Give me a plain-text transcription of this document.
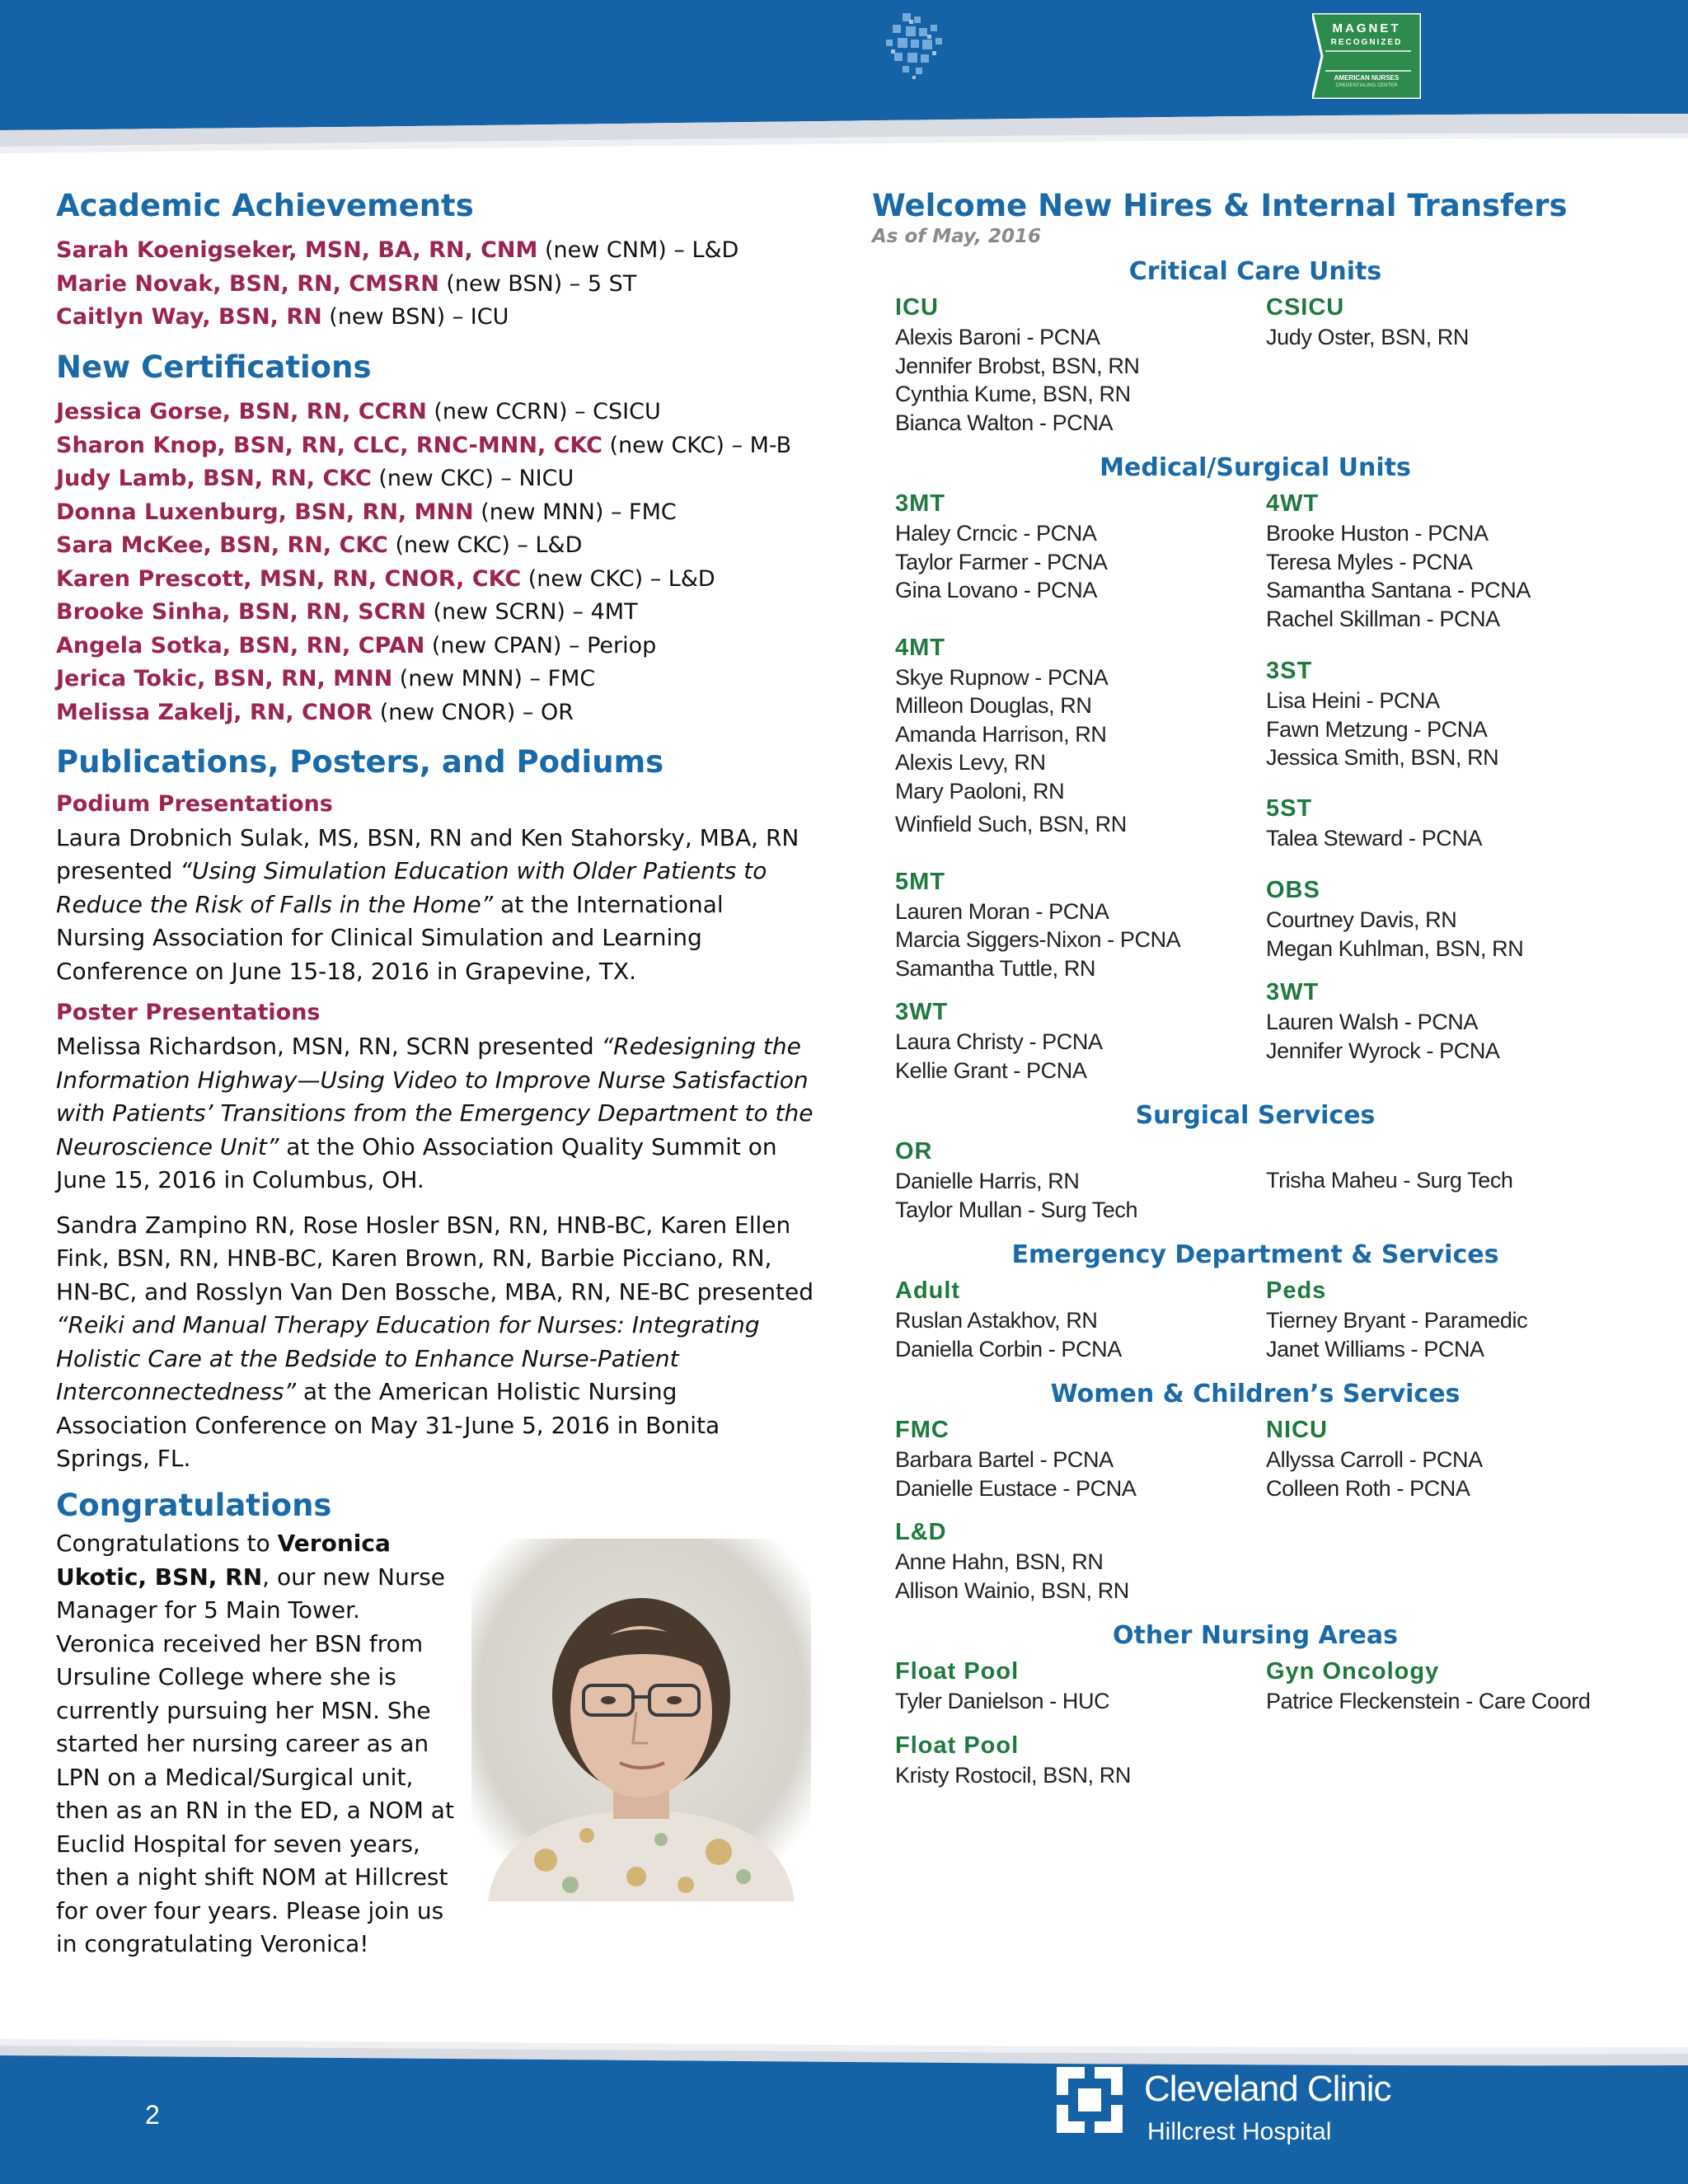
MAGNET
RECOGNIZED
AMERICAN NURSES
CREDENTIALING CENTER
Academic Achievements

Sarah Koenigseker, MSN, BA, RN, CNM (new CNM) – L&D

Marie Novak, BSN, RN, CMSRN (new BSN) – 5 ST

Caitlyn Way, BSN, RN (new BSN) – ICU

New Certifications

Jessica Gorse, BSN, RN, CCRN (new CCRN) – CSICU

Sharon Knop, BSN, RN, CLC, RNC-MNN, CKC (new CKC) – M-B

Judy Lamb, BSN, RN, CKC (new CKC) – NICU

Donna Luxenburg, BSN, RN, MNN (new MNN) – FMC

Sara McKee, BSN, RN, CKC (new CKC) – L&D

Karen Prescott, MSN, RN, CNOR, CKC (new CKC) – L&D

Brooke Sinha, BSN, RN, SCRN (new SCRN) – 4MT

Angela Sotka, BSN, RN, CPAN (new CPAN) – Periop

Jerica Tokic, BSN, RN, MNN (new MNN) – FMC

Melissa Zakelj, RN, CNOR (new CNOR) – OR

Publications, Posters, and Podiums
Podium Presentations

Laura Drobnich Sulak, MS, BSN, RN and Ken Stahorsky, MBA, RN presented “Using Simulation Education with Older Patients to Reduce the Risk of Falls in the Home” at the International Nursing Association for Clinical Simulation and Learning Conference on June 15-18, 2016 in Grapevine, TX.

Poster Presentations

Melissa Richardson, MSN, RN, SCRN presented “Redesigning the Information Highway—Using Video to Improve Nurse Satisfaction with Patients’ Transitions from the Emergency Department to the Neuroscience Unit” at the Ohio Association Quality Summit on June 15, 2016 in Columbus, OH.

Sandra Zampino RN, Rose Hosler BSN, RN, HNB-BC, Karen Ellen Fink, BSN, RN, HNB-BC, Karen Brown, RN, Barbie Picciano, RN, HN-BC, and Rosslyn Van Den Bossche, MBA, RN, NE-BC presented “Reiki and Manual Therapy Education for Nurses: Integrating Holistic Care at the Bedside to Enhance Nurse-Patient Interconnectedness” at the American Holistic Nursing Association Conference on May 31-June 5, 2016 in Bonita Springs, FL.

Congratulations
Congratulations to Veronica Ukotic, BSN, RN, our new Nurse Manager for 5 Main Tower. Veronica received her BSN from Ursuline College where she is currently pursuing her MSN. She started her nursing career as an LPN on a Medical/Surgical unit, then as an RN in the ED, a NOM at Euclid Hospital for seven years, then a night shift NOM at Hillcrest for over four years. Please join us in congratulating Veronica!
Welcome New Hires & Internal Transfers
As of May, 2016
Critical Care Units
ICU
Alexis Baroni - PCNA
Jennifer Brobst, BSN, RN
Cynthia Kume, BSN, RN
Bianca Walton - PCNA
CSICU
Judy Oster, BSN, RN
Medical/Surgical Units
3MT
Haley Crncic - PCNA
Taylor Farmer - PCNA
Gina Lovano - PCNA
4MT
Skye Rupnow - PCNA
Milleon Douglas, RN
Amanda Harrison, RN
Alexis Levy, RN
Mary Paoloni, RN
Winfield Such, BSN, RN
5MT
Lauren Moran - PCNA
Marcia Siggers-Nixon - PCNA
Samantha Tuttle, RN
3WT
Laura Christy - PCNA
Kellie Grant - PCNA
4WT
Brooke Huston - PCNA
Teresa Myles - PCNA
Samantha Santana - PCNA
Rachel Skillman - PCNA
3ST
Lisa Heini - PCNA
Fawn Metzung - PCNA
Jessica Smith, BSN, RN
5ST
Talea Steward - PCNA
OBS
Courtney Davis, RN
Megan Kuhlman, BSN, RN
3WT
Lauren Walsh - PCNA
Jennifer Wyrock - PCNA
Surgical Services
OR
Danielle Harris, RN
Taylor Mullan - Surg Tech
Trisha Maheu - Surg Tech
Emergency Department & Services
Adult
Ruslan Astakhov, RN
Daniella Corbin - PCNA
Peds
Tierney Bryant - Paramedic
Janet Williams - PCNA
Women & Children’s Services
FMC
Barbara Bartel - PCNA
Danielle Eustace - PCNA
L&D
Anne Hahn, BSN, RN
Allison Wainio, BSN, RN
NICU
Allyssa Carroll - PCNA
Colleen Roth - PCNA
Other Nursing Areas
Float Pool
Tyler Danielson - HUC
Float Pool
Kristy Rostocil, BSN, RN
Gyn Oncology
Patrice Fleckenstein - Care Coord
2
Cleveland Clinic
Hillcrest Hospital
